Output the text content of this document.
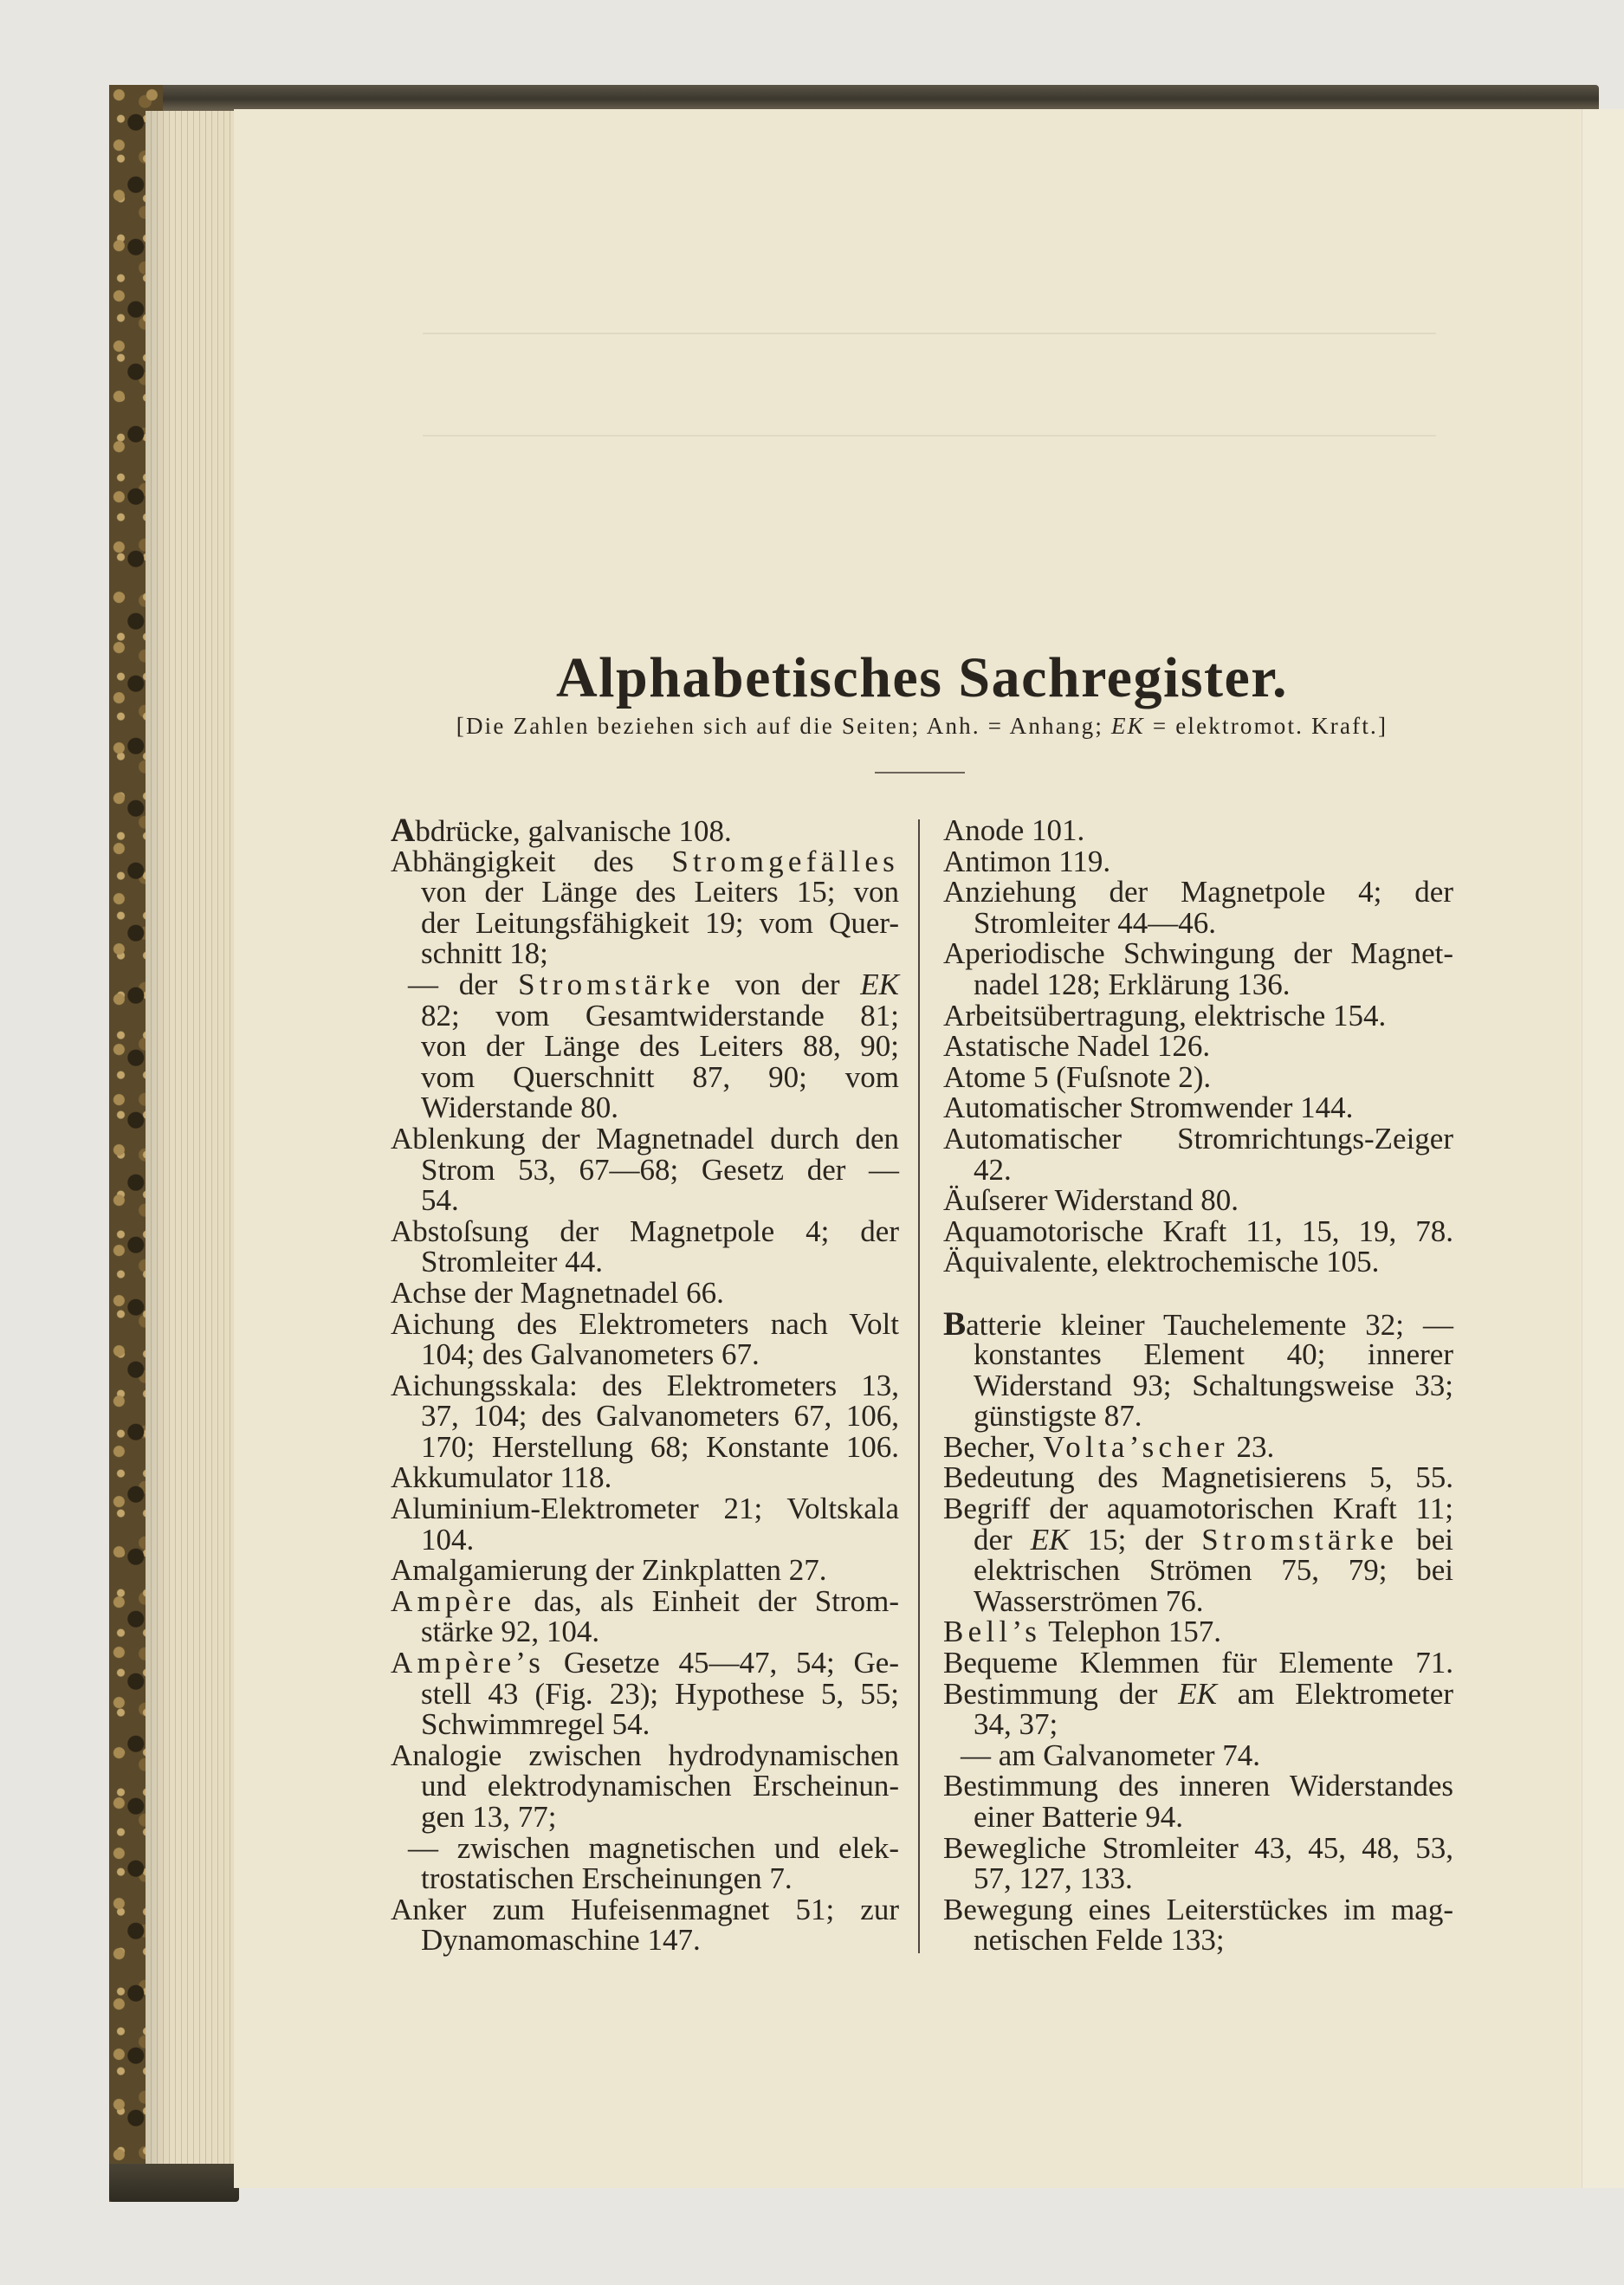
Alphabetisches Sachregister.
[Die Zahlen beziehen sich auf die Seiten; Anh. = Anhang; EK = elektromot. Kraft.]
Abdrücke, galvanische 108.
Abhängigkeit des Stromgefälles
von der Länge des Leiters 15; von
der Leitungsfähigkeit 19; vom Quer-
schnitt 18;
— der Stromstärke von der EK
82; vom Gesamtwiderstande 81;
von der Länge des Leiters 88, 90;
vom Querschnitt 87, 90; vom
Widerstande 80.
Ablenkung der Magnetnadel durch den
Strom 53, 67—68; Gesetz der —
54.
Abstoſsung der Magnetpole 4; der
Stromleiter 44.
Achse der Magnetnadel 66.
Aichung des Elektrometers nach Volt
104; des Galvanometers 67.
Aichungsskala: des Elektrometers 13,
37, 104; des Galvanometers 67, 106,
170; Herstellung 68; Konstante 106.
Akkumulator 118.
Aluminium-Elektrometer 21; Voltskala
104.
Amalgamierung der Zinkplatten 27.
Ampère das, als Einheit der Strom-
stärke 92, 104.
Ampère’s Gesetze 45—47, 54; Ge-
stell 43 (Fig. 23); Hypothese 5, 55;
Schwimmregel 54.
Analogie zwischen hydrodynamischen
und elektrodynamischen Erscheinun-
gen 13, 77;
— zwischen magnetischen und elek-
trostatischen Erscheinungen 7.
Anker zum Hufeisenmagnet 51; zur
Dynamomaschine 147.
Anode 101.
Antimon 119.
Anziehung der Magnetpole 4; der
Stromleiter 44—46.
Aperiodische Schwingung der Magnet-
nadel 128; Erklärung 136.
Arbeitsübertragung, elektrische 154.
Astatische Nadel 126.
Atome 5 (Fuſsnote 2).
Automatischer Stromwender 144.
Automatischer Stromrichtungs-Zeiger
42.
Äuſserer Widerstand 80.
Aquamotorische Kraft 11, 15, 19, 78.
Äquivalente, elektrochemische 105.
Batterie kleiner Tauchelemente 32; —
konstantes Element 40; innerer
Widerstand 93; Schaltungsweise 33;
günstigste 87.
Becher, Volta’scher 23.
Bedeutung des Magnetisierens 5, 55.
Begriff der aquamotorischen Kraft 11;
der EK 15; der Stromstärke bei
elektrischen Strömen 75, 79; bei
Wasserströmen 76.
Bell’s Telephon 157.
Bequeme Klemmen für Elemente 71.
Bestimmung der EK am Elektrometer
34, 37;
— am Galvanometer 74.
Bestimmung des inneren Widerstandes
einer Batterie 94.
Bewegliche Stromleiter 43, 45, 48, 53,
57, 127, 133.
Bewegung eines Leiterstückes im mag-
netischen Felde 133;
